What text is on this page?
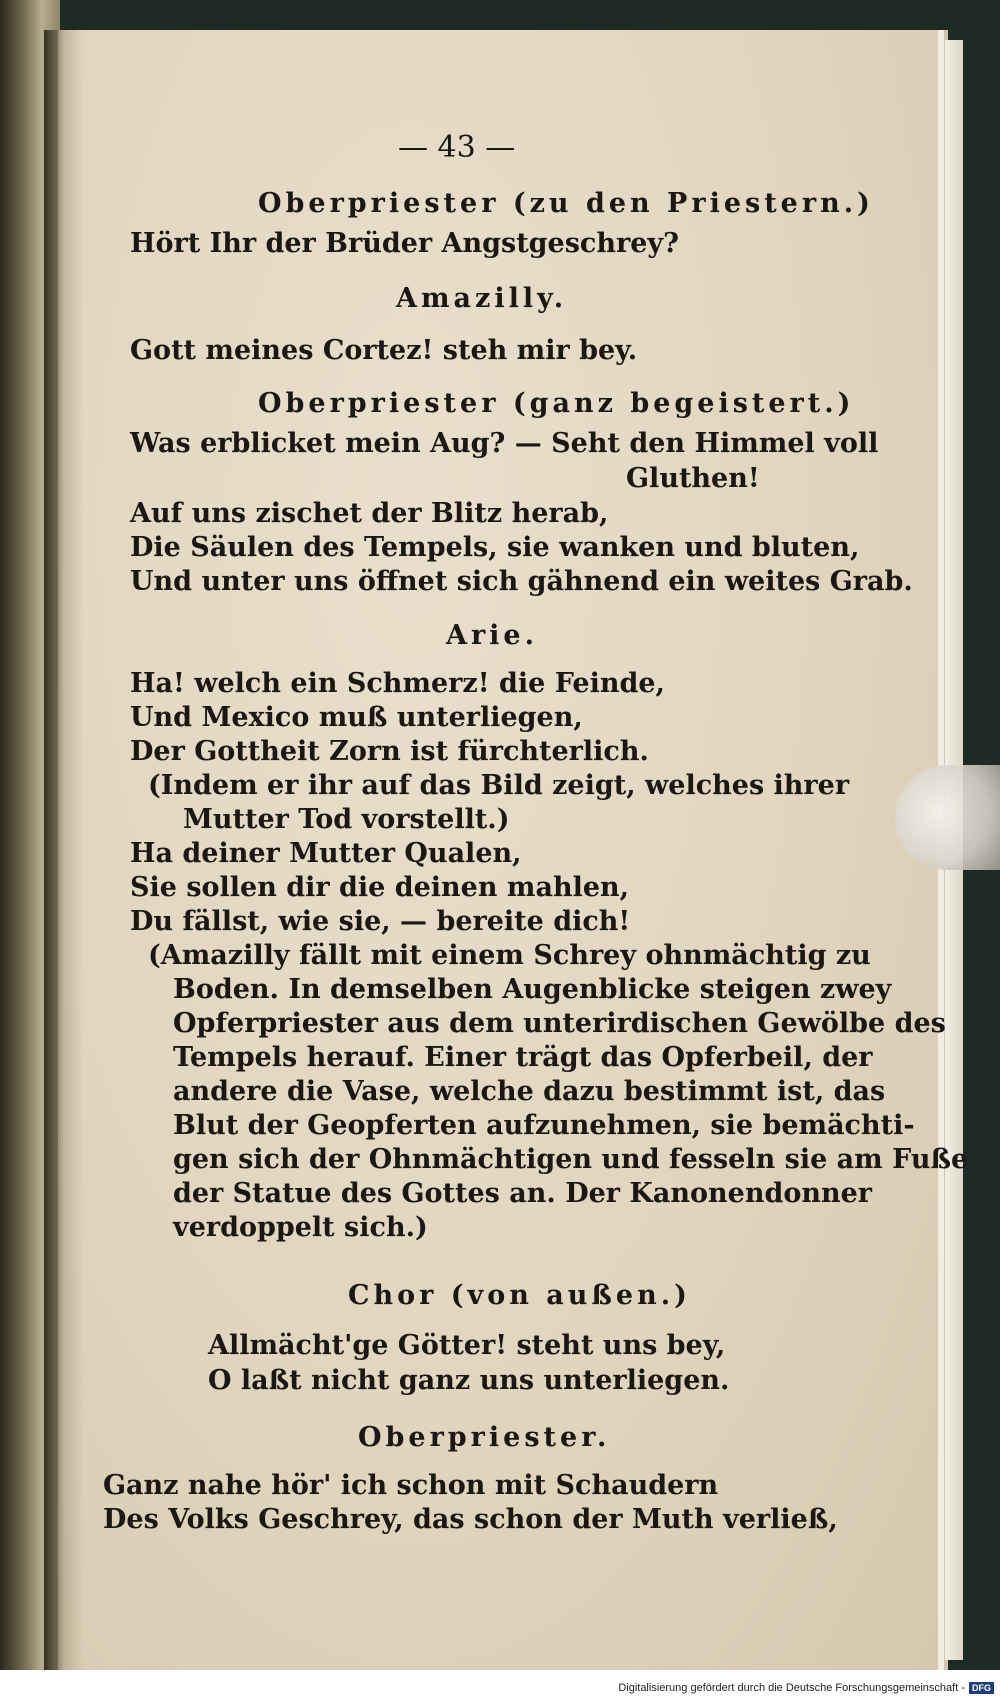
— 43 —
Oberpriester (zu den Priestern.)
Hört Ihr der Brüder Angstgeschrey?
Amazilly.
Gott meines Cortez! steh mir bey.
Oberpriester (ganz begeistert.)
Was erblicket mein Aug? — Seht den Himmel voll
Gluthen!
Auf uns zischet der Blitz herab,
Die Säulen des Tempels, sie wanken und bluten,
Und unter uns öffnet sich gähnend ein weites Grab.
Arie.
Ha! welch ein Schmerz! die Feinde,
Und Mexico muß unterliegen,
Der Gottheit Zorn ist fürchterlich.
(Indem er ihr auf das Bild zeigt, welches ihrer
Mutter Tod vorstellt.)
Ha deiner Mutter Qualen,
Sie sollen dir die deinen mahlen,
Du fällst, wie sie, — bereite dich!
(Amazilly fällt mit einem Schrey ohnmächtig zu
Boden. In demselben Augenblicke steigen zwey
Opferpriester aus dem unterirdischen Gewölbe des
Tempels herauf. Einer trägt das Opferbeil, der
andere die Vase, welche dazu bestimmt ist, das
Blut der Geopferten aufzunehmen, sie bemächti-
gen sich der Ohnmächtigen und fesseln sie am Fuße
der Statue des Gottes an. Der Kanonendonner
verdoppelt sich.)
Chor (von außen.)
Allmächt'ge Götter! steht uns bey,
O laßt nicht ganz uns unterliegen.
Oberpriester.
Ganz nahe hör' ich schon mit Schaudern
Des Volks Geschrey, das schon der Muth verließ,
Digitalisierung gefördert durch die Deutsche Forschungsgemeinschaft - DFG
